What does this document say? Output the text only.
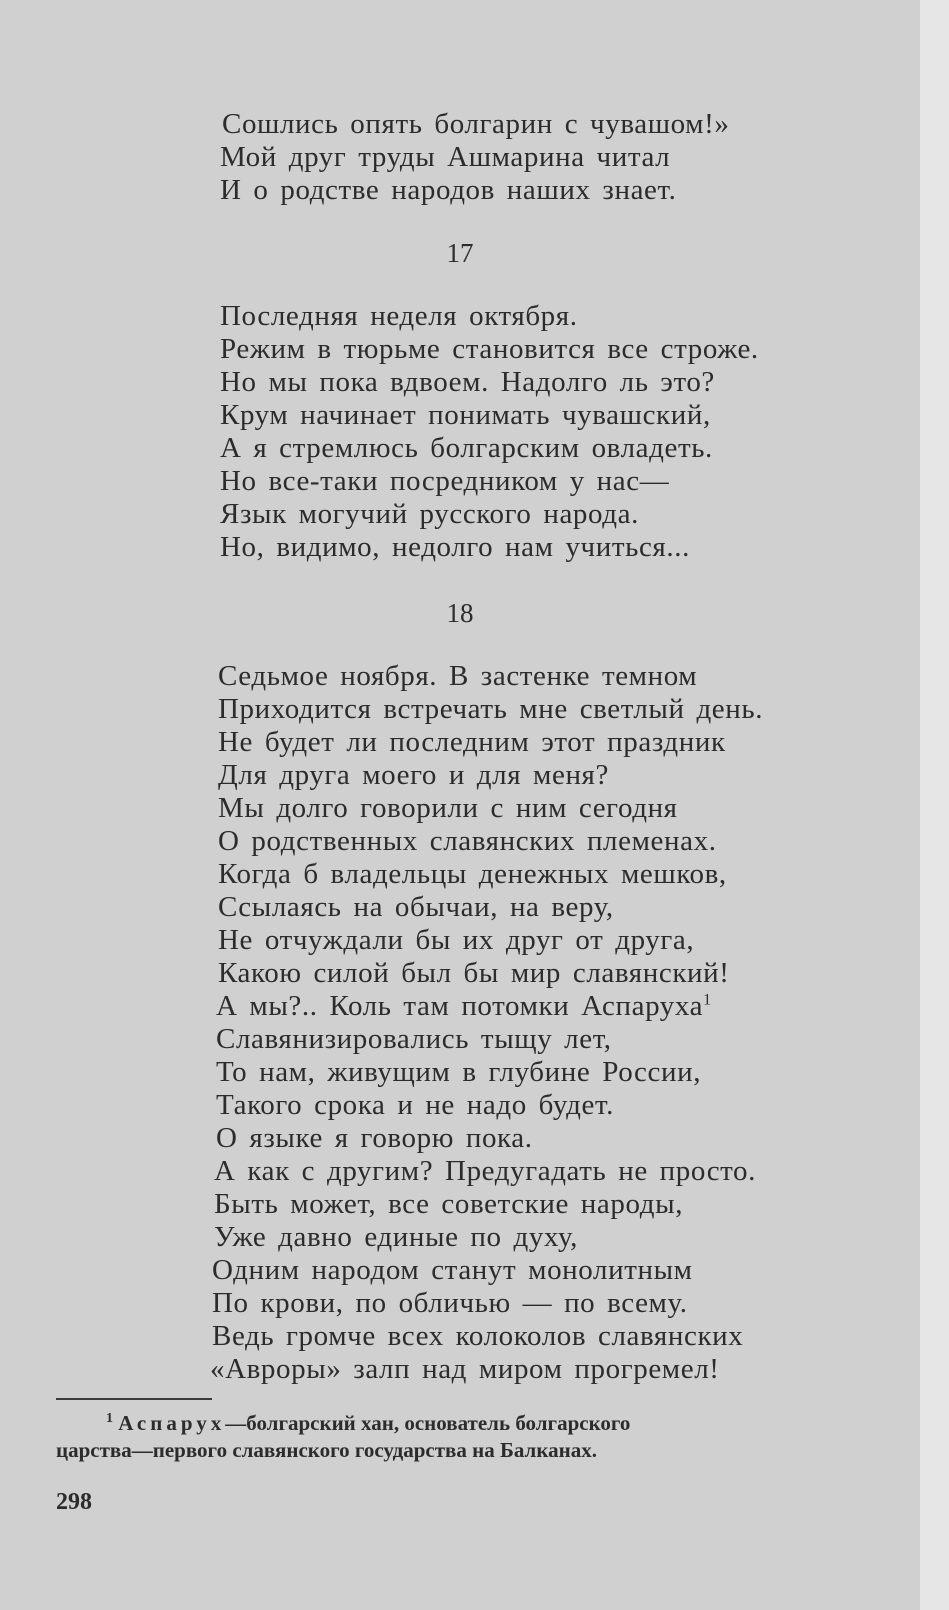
Сошлись опять болгарин с чувашом!»
Мой друг труды Ашмарина читал
И о родстве народов наших знает.
17
Последняя неделя октября.
Режим в тюрьме становится все строже.
Но мы пока вдвоем. Надолго ль это?
Крум начинает понимать чувашский,
А я стремлюсь болгарским овладеть.
Но все-таки посредником у нас—
Язык могучий русского народа.
Но, видимо, недолго нам учиться...
18
Седьмое ноября. В застенке темном
Приходится встречать мне светлый день.
Не будет ли последним этот праздник
Для друга моего и для меня?
Мы долго говорили с ним сегодня
О родственных славянских племенах.
Когда б владельцы денежных мешков,
Ссылаясь на обычаи, на веру,
Не отчуждали бы их друг от друга,
Какою силой был бы мир славянский!
А мы?.. Коль там потомки Аспаруха$^1$
Славянизировались тыщу лет,
То нам, живущим в глубине России,
Такого срока и не надо будет.
О языке я говорю пока.
А как с другим? Предугадать не просто.
Быть может, все советские народы,
Уже давно единые по духу,
Одним народом станут монолитным
По крови, по обличью — по всему.
Ведь громче всех колоколов славянских
«Авроры» залп над миром прогремел!
$^1$ Аспарух—болгарский хан, основатель болгарского
царства—первого славянского государства на Балканах.
298
